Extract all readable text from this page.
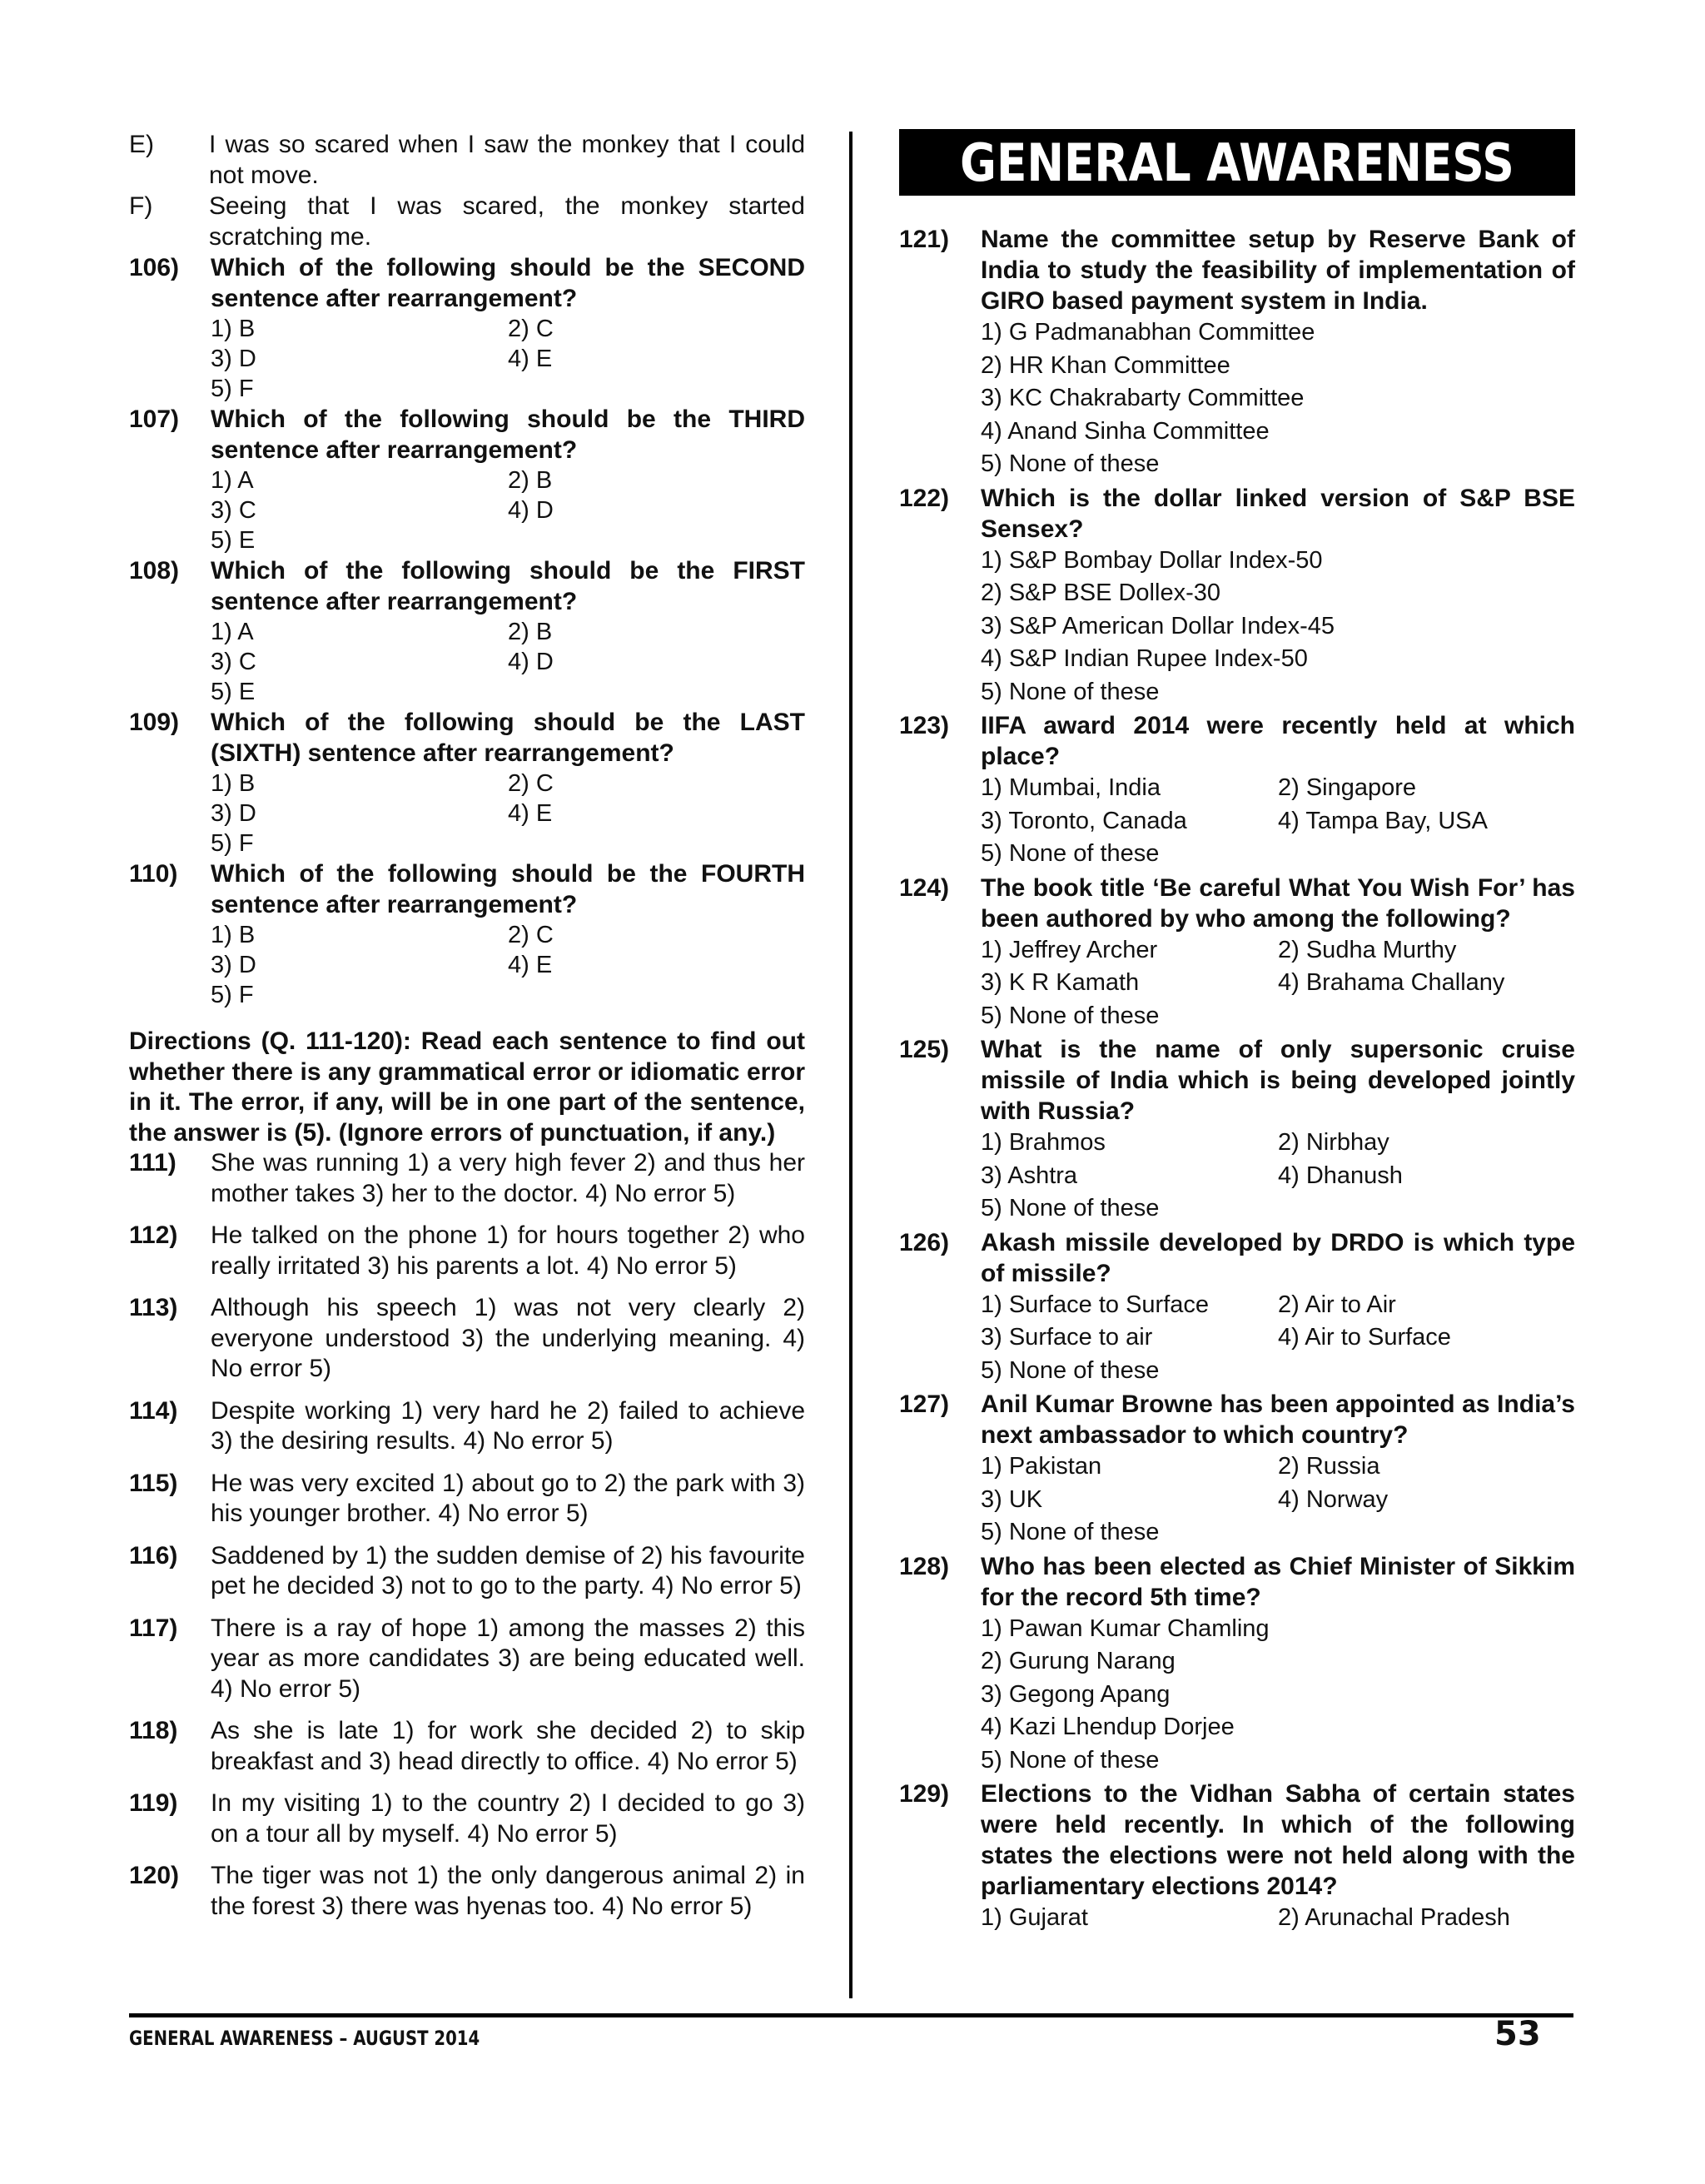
E)	I was so scared when I saw the monkey that I could not move.
F)	Seeing that I was scared, the monkey started scratching me.
106)	Which of the following should be the SECOND sentence after rearrangement?
1) B	2) C
3) D	4) E
5) F
107)	Which of the following should be the THIRD sentence after rearrangement?
1) A	2) B
3) C	4) D
5) E
108)	Which of the following should be the FIRST sentence after rearrangement?
1) A	2) B
3) C	4) D
5) E
109)	Which of the following should be the LAST (SIXTH) sentence after rearrangement?
1) B	2) C
3) D	4) E
5) F
110)	Which of the following should be the FOURTH sentence after rearrangement?
1) B	2) C
3) D	4) E
5) F
Directions (Q. 111-120): Read each sentence to find out whether there is any grammatical error or idiomatic error in it. The error, if any, will be in one part of the sentence, the answer is (5). (Ignore errors of punctuation, if any.)
111)	She was running 1) a very high fever 2) and thus her mother takes 3) her to the doctor. 4) No error 5)
112)	He talked on the phone 1) for hours together 2) who really irritated 3) his parents a lot. 4) No error 5)
113)	Although his speech 1) was not very clearly 2) everyone understood 3) the underlying meaning. 4) No error 5)
114)	Despite working 1) very hard he 2) failed to achieve 3) the desiring results. 4) No error 5)
115)	He was very excited 1) about go to 2) the park with 3) his younger brother. 4) No error 5)
116)	Saddened by 1) the sudden demise of 2) his favourite pet he decided 3) not to go to the party. 4) No error 5)
117)	There is a ray of hope 1) among the masses 2) this year as more candidates 3) are being educated well. 4) No error 5)
118)	As she is late 1) for work she decided 2) to skip breakfast and 3) head directly to office. 4) No error 5)
119)	In my visiting 1) to the country 2) I decided to go 3) on a tour all by myself. 4) No error 5)
120)	The tiger was not 1) the only dangerous animal 2) in the forest 3) there was hyenas too. 4) No error 5)
GENERAL AWARENESS
121)	Name the committee setup by Reserve Bank of India to study the feasibility of implementation of GIRO based payment system in India.
1) G Padmanabhan Committee
2) HR Khan Committee
3) KC Chakrabarty Committee
4) Anand Sinha Committee
5) None of these
122)	Which is the dollar linked version of S&P BSE Sensex?
1) S&P Bombay Dollar Index-50
2) S&P BSE Dollex-30
3) S&P American Dollar Index-45
4) S&P Indian Rupee Index-50
5) None of these
123)	IIFA award 2014 were recently held at which place?
1) Mumbai, India	2) Singapore
3) Toronto, Canada	4) Tampa Bay, USA
5) None of these
124)	The book title ‘Be careful What You Wish For’ has been authored by who among the following?
1) Jeffrey Archer	2) Sudha Murthy
3) K R Kamath	4) Brahama Challany
5) None of these
125)	What is the name of only supersonic cruise missile of India which is being developed jointly with Russia?
1) Brahmos	2) Nirbhay
3) Ashtra	4) Dhanush
5) None of these
126)	Akash missile developed by DRDO is which type of missile?
1) Surface to Surface	2) Air to Air
3) Surface to air	4) Air to Surface
5) None of these
127)	Anil Kumar Browne has been appointed as India’s next ambassador to which country?
1) Pakistan	2) Russia
3) UK	4) Norway
5) None of these
128)	Who has been elected as Chief Minister of Sikkim for the record 5th time?
1) Pawan Kumar Chamling
2) Gurung Narang
3) Gegong Apang
4) Kazi Lhendup Dorjee
5) None of these
129)	Elections to the Vidhan Sabha of certain states were held recently. In which of the following states the elections were not held along with the parliamentary elections 2014?
1) Gujarat	2) Arunachal Pradesh
GENERAL AWARENESS – AUGUST 2014	53
